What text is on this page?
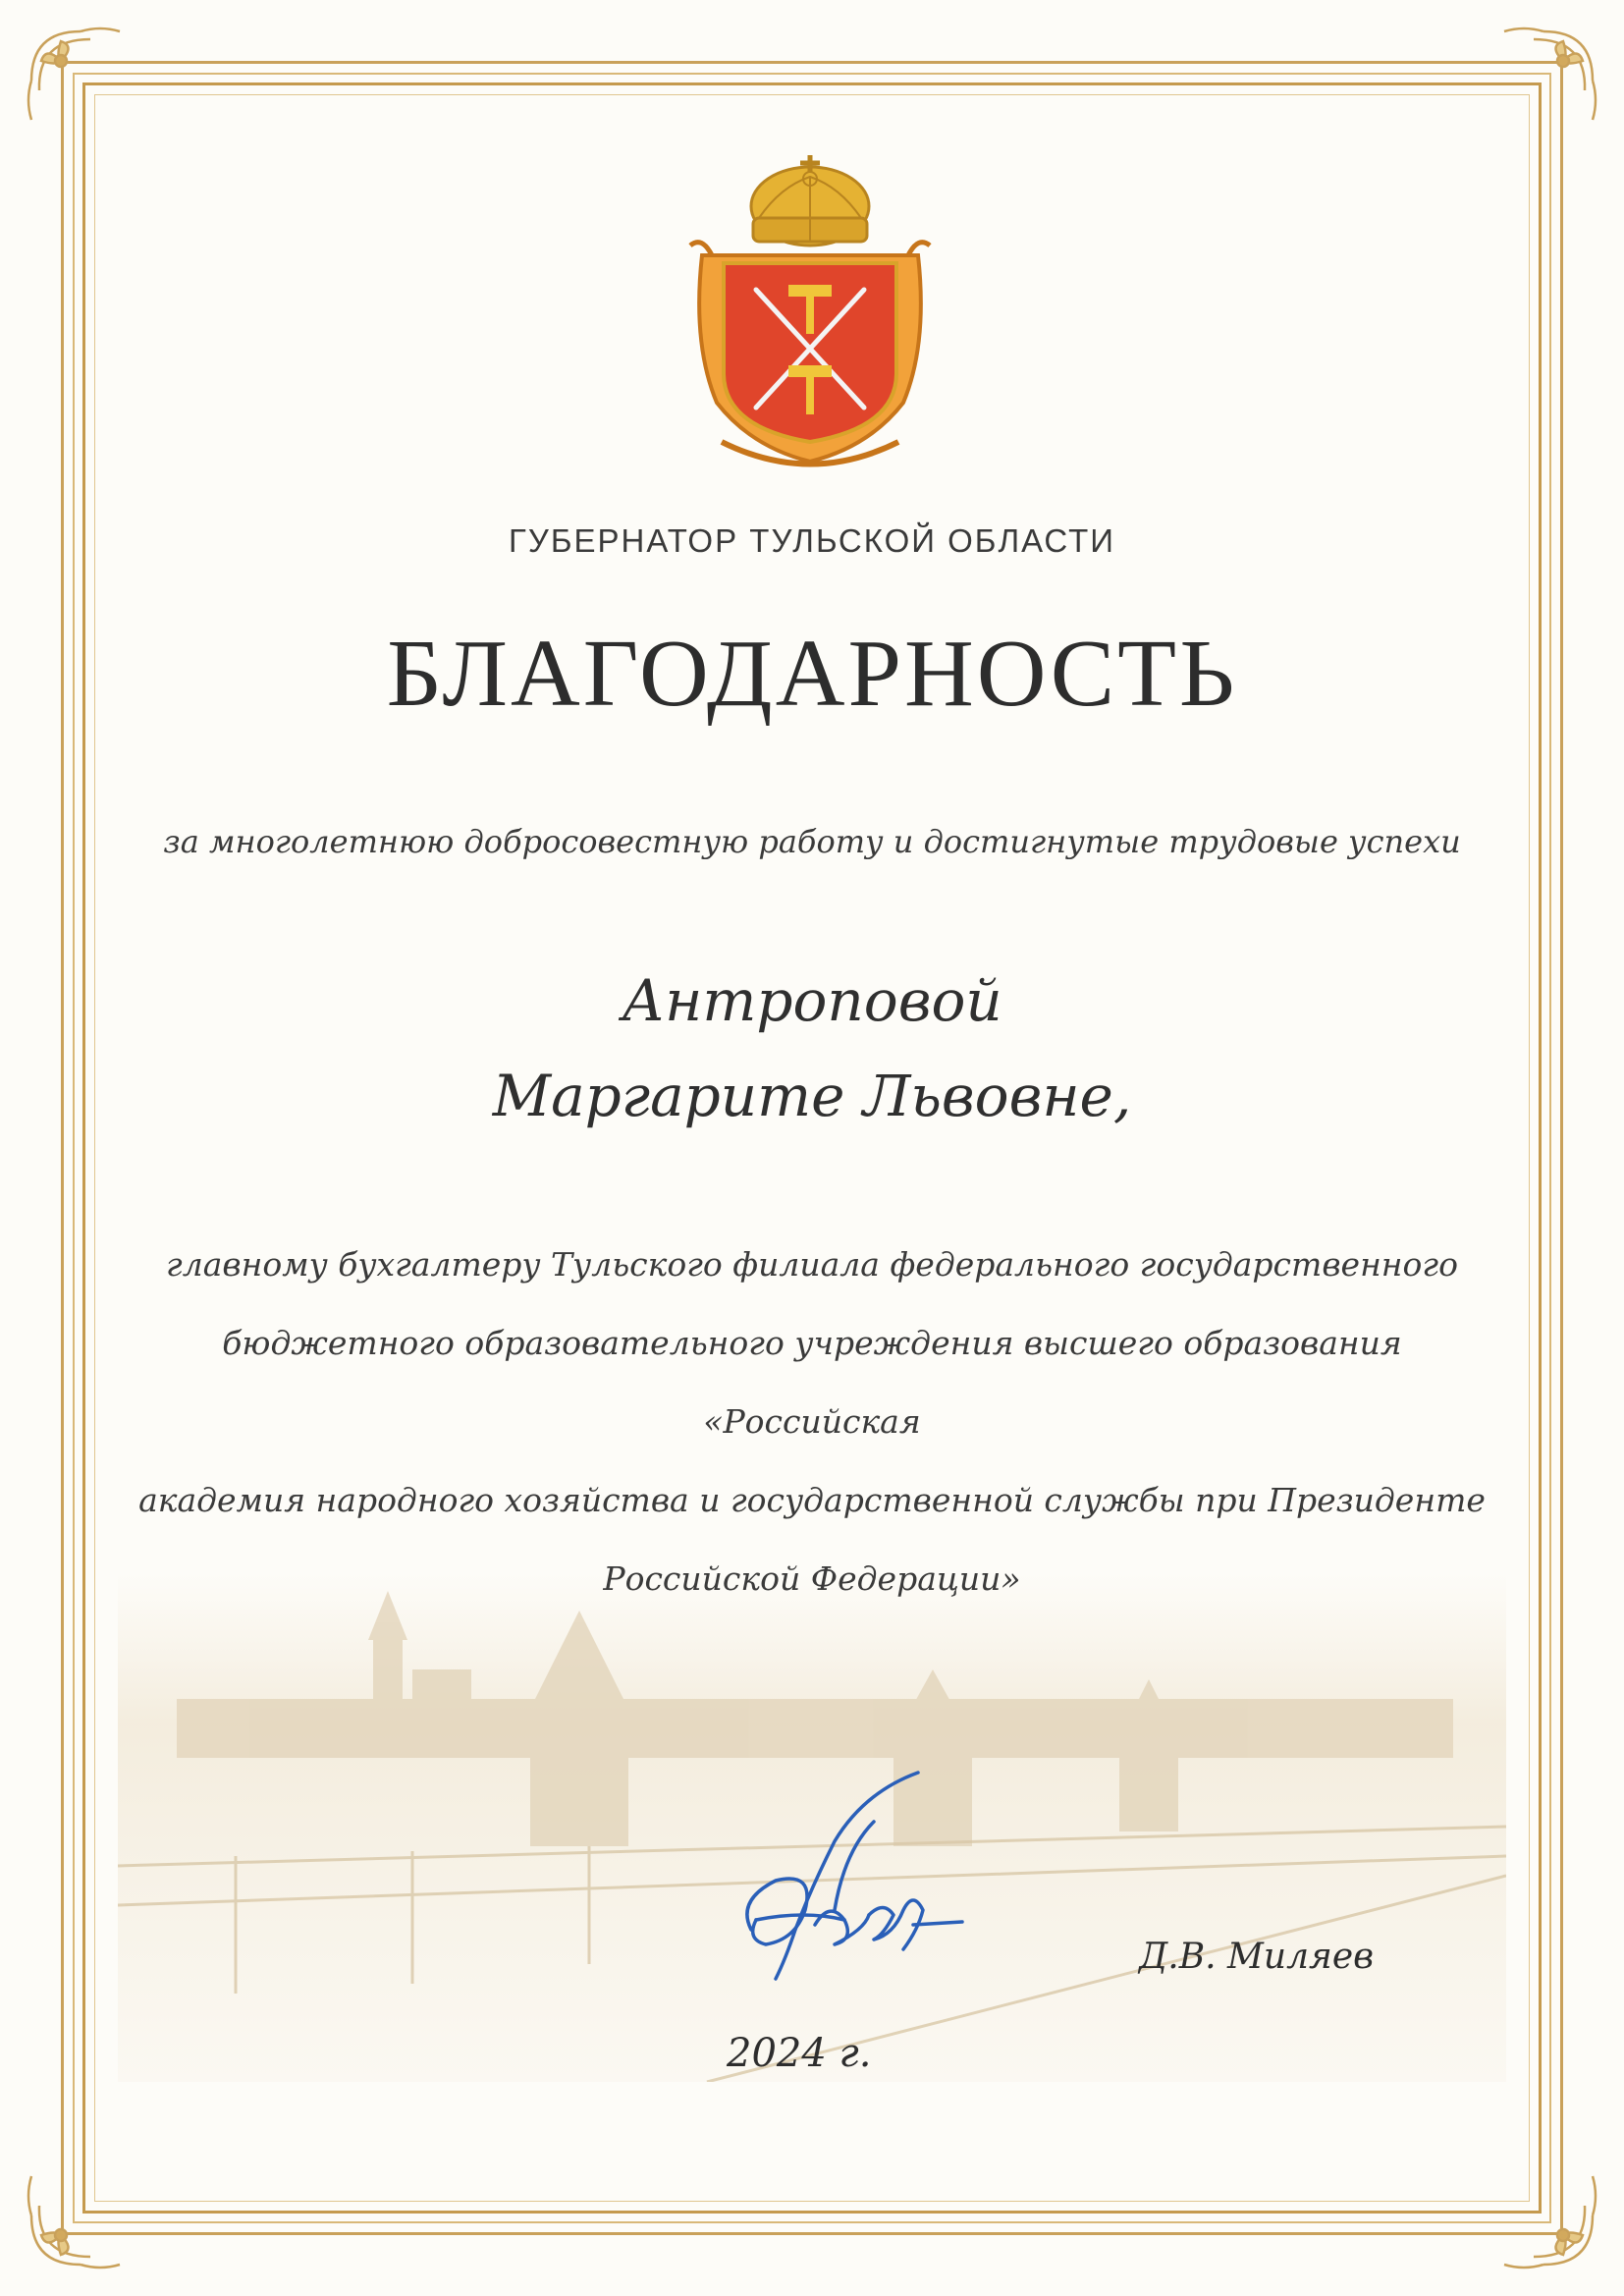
ГУБЕРНАТОР ТУЛЬСКОЙ ОБЛАСТИ
БЛАГОДАРНОСТЬ
за многолетнюю добросовестную работу и достигнутые трудовые успехи
Антроповой
Маргарите Львовне,
главному бухгалтеру Тульского филиала федерального государственного
бюджетного образовательного учреждения высшего образования «Российская
академия народного хозяйства и государственной службы при Президенте
Российской Федерации»
Д.В. Миляев
2024 г.
